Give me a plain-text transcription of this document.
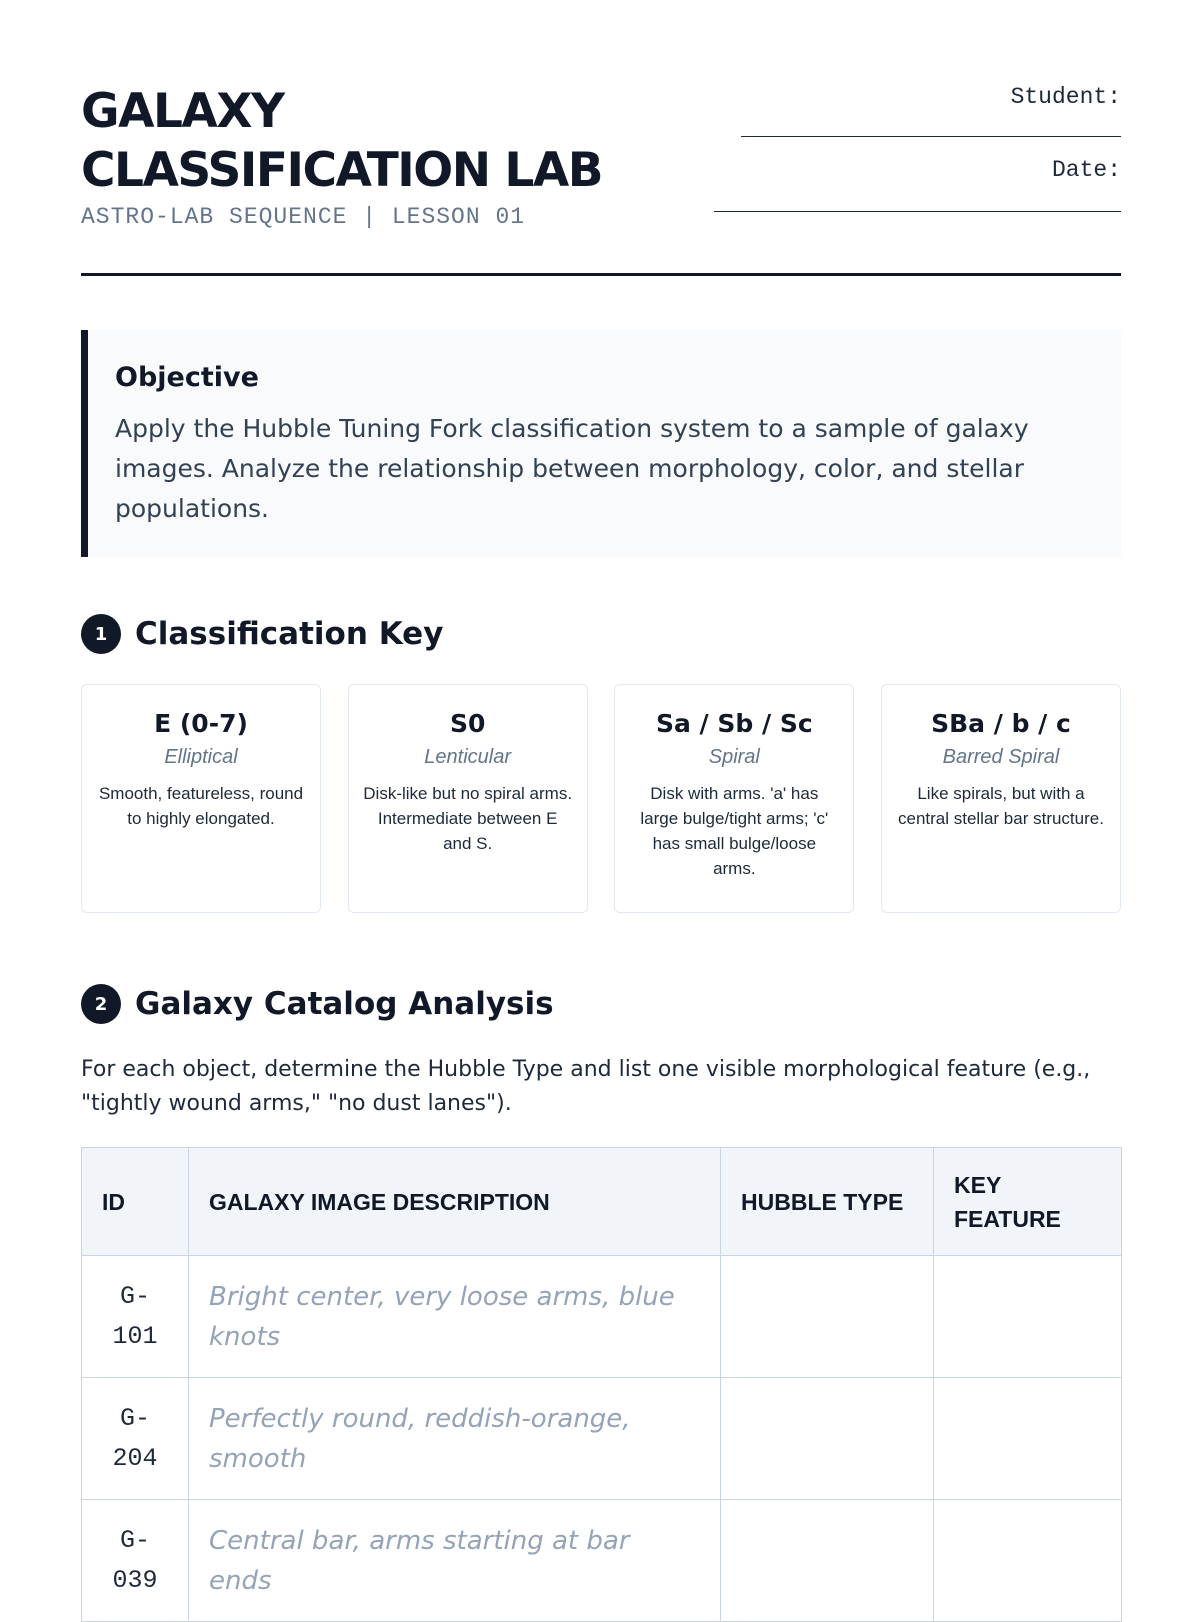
GALAXY
CLASSIFICATION LAB
ASTRO-LAB SEQUENCE | LESSON 01
Student:
Date:
Objective

Apply the Hubble Tuning Fork classification system to a sample of galaxy images. Analyze the relationship between morphology, color, and stellar populations.

1 Classification Key
E (0-7)
Elliptical
Smooth, featureless, round to highly elongated.
S0
Lenticular
Disk-like but no spiral arms. Intermediate between E and S.
Sa / Sb / Sc
Spiral
Disk with arms. 'a' has large bulge/tight arms; 'c' has small bulge/loose arms.
SBa / b / c
Barred Spiral
Like spirals, but with a central stellar bar structure.
2 Galaxy Catalog Analysis

For each object, determine the Hubble Type and list one visible morphological feature (e.g., "tightly wound arms," "no dust lanes").

ID	GALAXY IMAGE DESCRIPTION	HUBBLE TYPE	KEY FEATURE
G-
101	Bright center, very loose arms, blue knots		
G-
204	Perfectly round, reddish-orange, smooth		
G-
039	Central bar, arms starting at bar ends		
